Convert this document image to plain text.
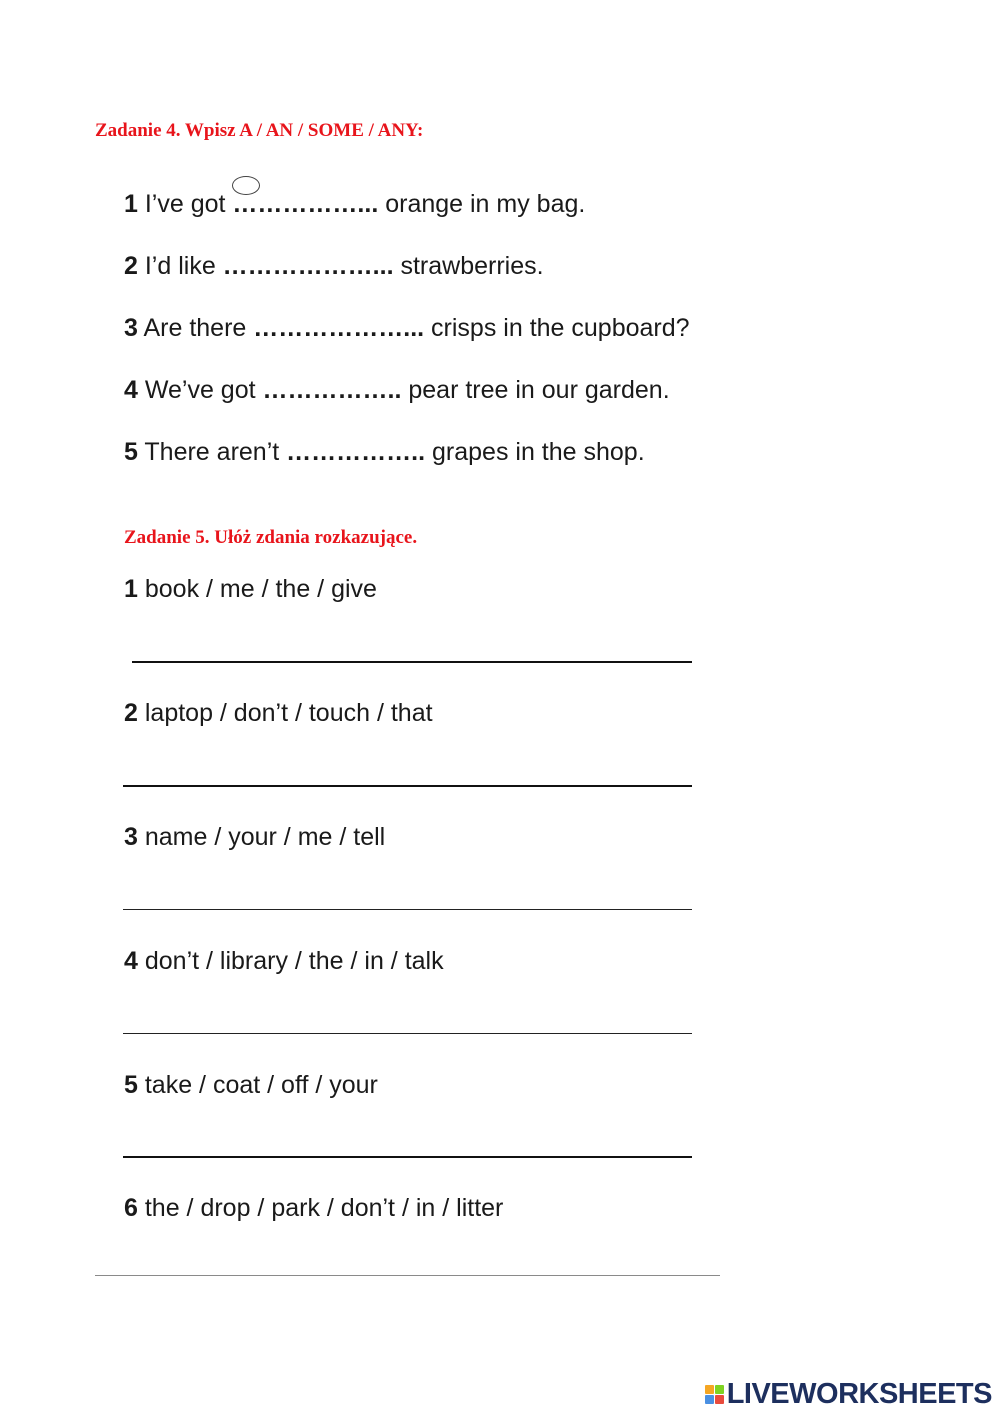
Zadanie 4. Wpisz A / AN / SOME / ANY:
1 I’ve got
……………... orange in my bag.
2 I’d like ………………... strawberries.
3 Are there ………………... crisps in the cupboard?
4 We’ve got …………….. pear tree in our garden.
5 There aren’t …………….. grapes in the shop.
Zadanie 5. Ułóż zdania rozkazujące.
1 book / me / the / give
2 laptop / don’t / touch / that
3 name / your / me / tell
4 don’t / library / the / in / talk
5 take / coat / off / your
6 the / drop / park / don’t / in / litter
LIVEWORKSHEETS
